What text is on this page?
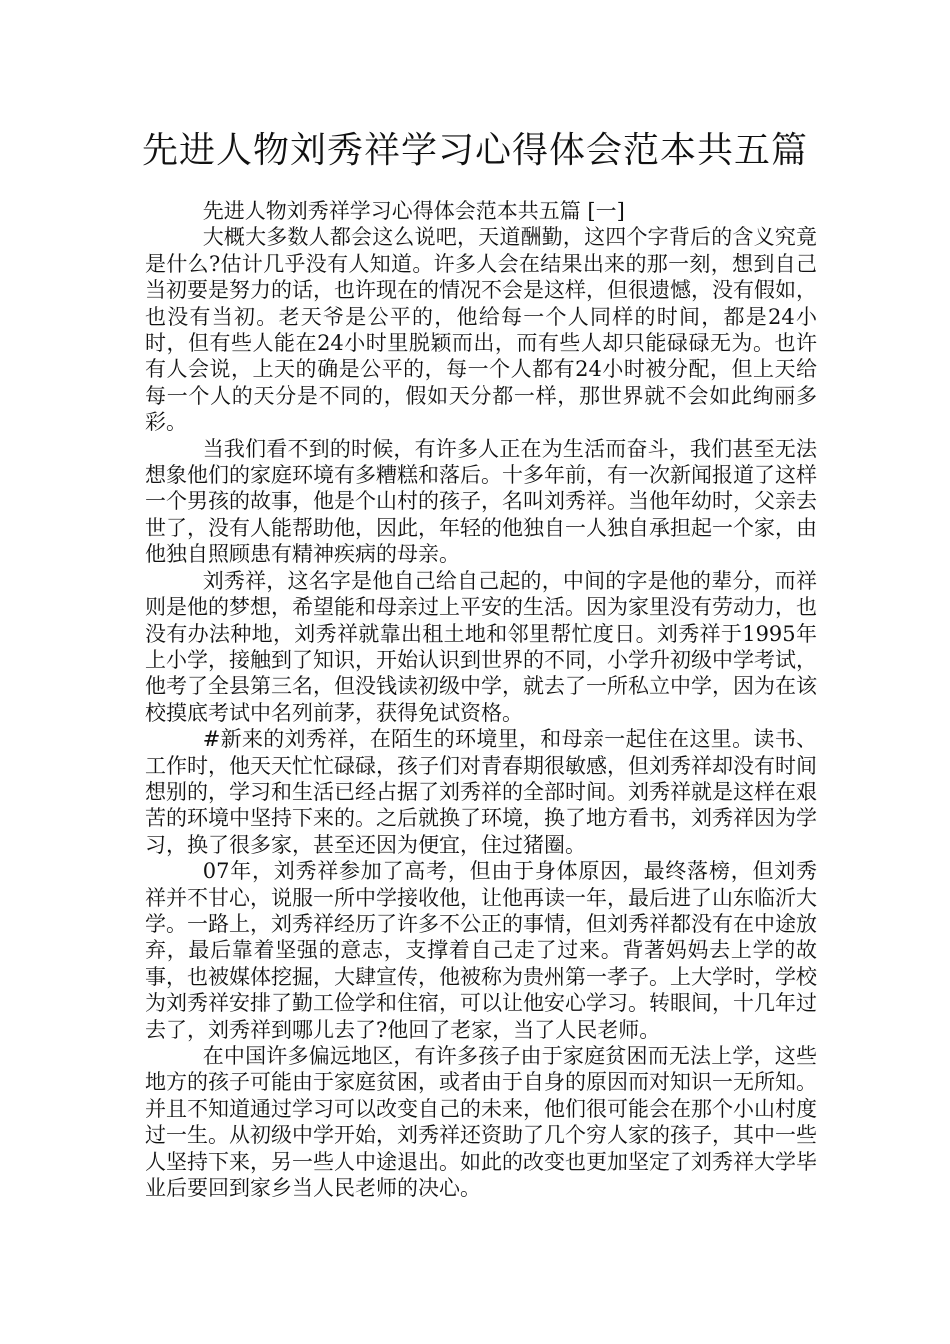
先进人物刘秀祥学习心得体会范本共五篇

先进人物刘秀祥学习心得体会范本共五篇 [一]

大概大多数人都会这么说吧，天道酬勤，这四个字背后的含义究竟是什么?估计几乎没有人知道。许多人会在结果出来的那一刻，想到自己当初要是努力的话，也许现在的情况不会是这样，但很遗憾，没有假如，也没有当初。老天爷是公平的，他给每一个人同样的时间，都是24小时，但有些人能在24小时里脱颖而出，而有些人却只能碌碌无为。也许有人会说，上天的确是公平的，每一个人都有24小时被分配，但上天给每一个人的天分是不同的，假如天分都一样，那世界就不会如此绚丽多彩。

当我们看不到的时候，有许多人正在为生活而奋斗，我们甚至无法想象他们的家庭环境有多糟糕和落后。十多年前，有一次新闻报道了这样一个男孩的故事，他是个山村的孩子，名叫刘秀祥。当他年幼时，父亲去世了，没有人能帮助他，因此，年轻的他独自一人独自承担起一个家，由他独自照顾患有精神疾病的母亲。

刘秀祥，这名字是他自己给自己起的，中间的字是他的辈分，而祥则是他的梦想，希望能和母亲过上平安的生活。因为家里没有劳动力，也没有办法种地，刘秀祥就靠出租土地和邻里帮忙度日。刘秀祥于1995年上小学，接触到了知识，开始认识到世界的不同，小学升初级中学考试，他考了全县第三名，但没钱读初级中学，就去了一所私立中学，因为在该校摸底考试中名列前茅，获得免试资格。

#新来的刘秀祥，在陌生的环境里，和母亲一起住在这里。读书、工作时，他天天忙忙碌碌，孩子们对青春期很敏感，但刘秀祥却没有时间想别的，学习和生活已经占据了刘秀祥的全部时间。刘秀祥就是这样在艰苦的环境中坚持下来的。之后就换了环境，换了地方看书，刘秀祥因为学习，换了很多家，甚至还因为便宜，住过猪圈。

07年，刘秀祥参加了高考，但由于身体原因，最终落榜，但刘秀祥并不甘心，说服一所中学接收他，让他再读一年，最后进了山东临沂大学。一路上，刘秀祥经历了许多不公正的事情，但刘秀祥都没有在中途放弃，最后靠着坚强的意志，支撑着自己走了过来。背著妈妈去上学的故事，也被媒体挖掘，大肆宣传，他被称为贵州第一孝子。上大学时，学校为刘秀祥安排了勤工俭学和住宿，可以让他安心学习。转眼间，十几年过去了，刘秀祥到哪儿去了?他回了老家，当了人民老师。

在中国许多偏远地区，有许多孩子由于家庭贫困而无法上学，这些地方的孩子可能由于家庭贫困，或者由于自身的原因而对知识一无所知。并且不知道通过学习可以改变自己的未来，他们很可能会在那个小山村度过一生。从初级中学开始，刘秀祥还资助了几个穷人家的孩子，其中一些人坚持下来，另一些人中途退出。如此的改变也更加坚定了刘秀祥大学毕业后要回到家乡当人民老师的决心。
